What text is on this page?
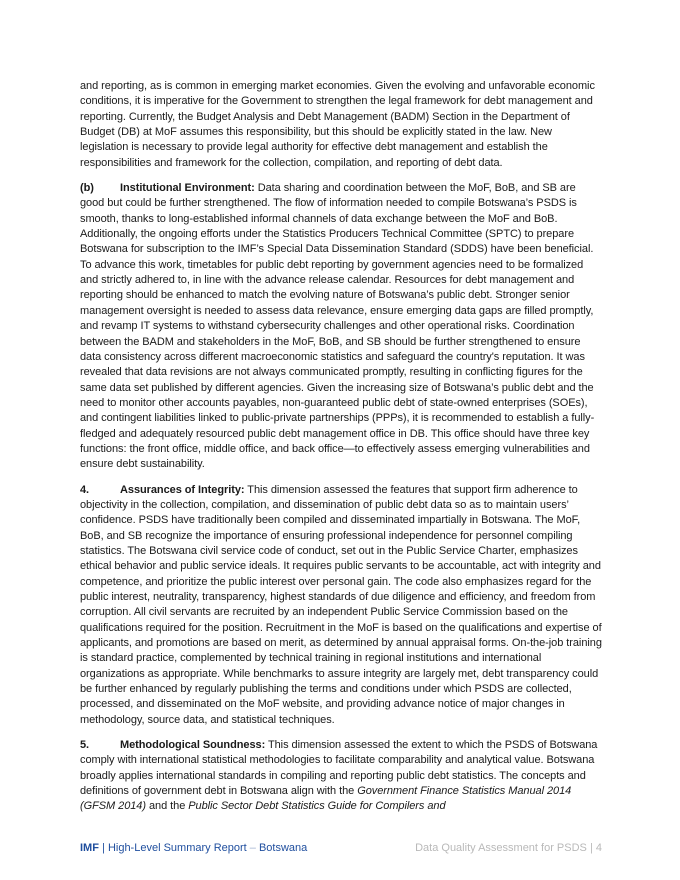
and reporting, as is common in emerging market economies. Given the evolving and unfavorable economic conditions, it is imperative for the Government to strengthen the legal framework for debt management and reporting. Currently, the Budget Analysis and Debt Management (BADM) Section in the Department of Budget (DB) at MoF assumes this responsibility, but this should be explicitly stated in the law. New legislation is necessary to provide legal authority for effective debt management and establish the responsibilities and framework for the collection, compilation, and reporting of debt data.

(b) Institutional Environment: Data sharing and coordination between the MoF, BoB, and SB are good but could be further strengthened. The flow of information needed to compile Botswana’s PSDS is smooth, thanks to long-established informal channels of data exchange between the MoF and BoB. Additionally, the ongoing efforts under the Statistics Producers Technical Committee (SPTC) to prepare Botswana for subscription to the IMF’s Special Data Dissemination Standard (SDDS) have been beneficial. To advance this work, timetables for public debt reporting by government agencies need to be formalized and strictly adhered to, in line with the advance release calendar. Resources for debt management and reporting should be enhanced to match the evolving nature of Botswana’s public debt. Stronger senior management oversight is needed to assess data relevance, ensure emerging data gaps are filled promptly, and revamp IT systems to withstand cybersecurity challenges and other operational risks. Coordination between the BADM and stakeholders in the MoF, BoB, and SB should be further strengthened to ensure data consistency across different macroeconomic statistics and safeguard the country's reputation. It was revealed that data revisions are not always communicated promptly, resulting in conflicting figures for the same data set published by different agencies. Given the increasing size of Botswana’s public debt and the need to monitor other accounts payables, non-guaranteed public debt of state-owned enterprises (SOEs), and contingent liabilities linked to public-private partnerships (PPPs), it is recommended to establish a fully-fledged and adequately resourced public debt management office in DB. This office should have three key functions: the front office, middle office, and back office—to effectively assess emerging vulnerabilities and ensure debt sustainability.

4.	Assurances of Integrity: This dimension assessed the features that support firm adherence to objectivity in the collection, compilation, and dissemination of public debt data so as to maintain users’ confidence. PSDS have traditionally been compiled and disseminated impartially in Botswana. The MoF, BoB, and SB recognize the importance of ensuring professional independence for personnel compiling statistics. The Botswana civil service code of conduct, set out in the Public Service Charter, emphasizes ethical behavior and public service ideals. It requires public servants to be accountable, act with integrity and competence, and prioritize the public interest over personal gain. The code also emphasizes regard for the public interest, neutrality, transparency, highest standards of due diligence and efficiency, and freedom from corruption. All civil servants are recruited by an independent Public Service Commission based on the qualifications required for the position. Recruitment in the MoF is based on the qualifications and expertise of applicants, and promotions are based on merit, as determined by annual appraisal forms. On-the-job training is standard practice, complemented by technical training in regional institutions and international organizations as appropriate. While benchmarks to assure integrity are largely met, debt transparency could be further enhanced by regularly publishing the terms and conditions under which PSDS are collected, processed, and disseminated on the MoF website, and providing advance notice of major changes in methodology, source data, and statistical techniques.

5.	Methodological Soundness: This dimension assessed the extent to which the PSDS of Botswana comply with international statistical methodologies to facilitate comparability and analytical value. Botswana broadly applies international standards in compiling and reporting public debt statistics. The concepts and definitions of government debt in Botswana align with the Government Finance Statistics Manual 2014 (GFSM 2014) and the Public Sector Debt Statistics Guide for Compilers and

IMF | High-Level Summary Report – Botswana	Data Quality Assessment for PSDS | 4
